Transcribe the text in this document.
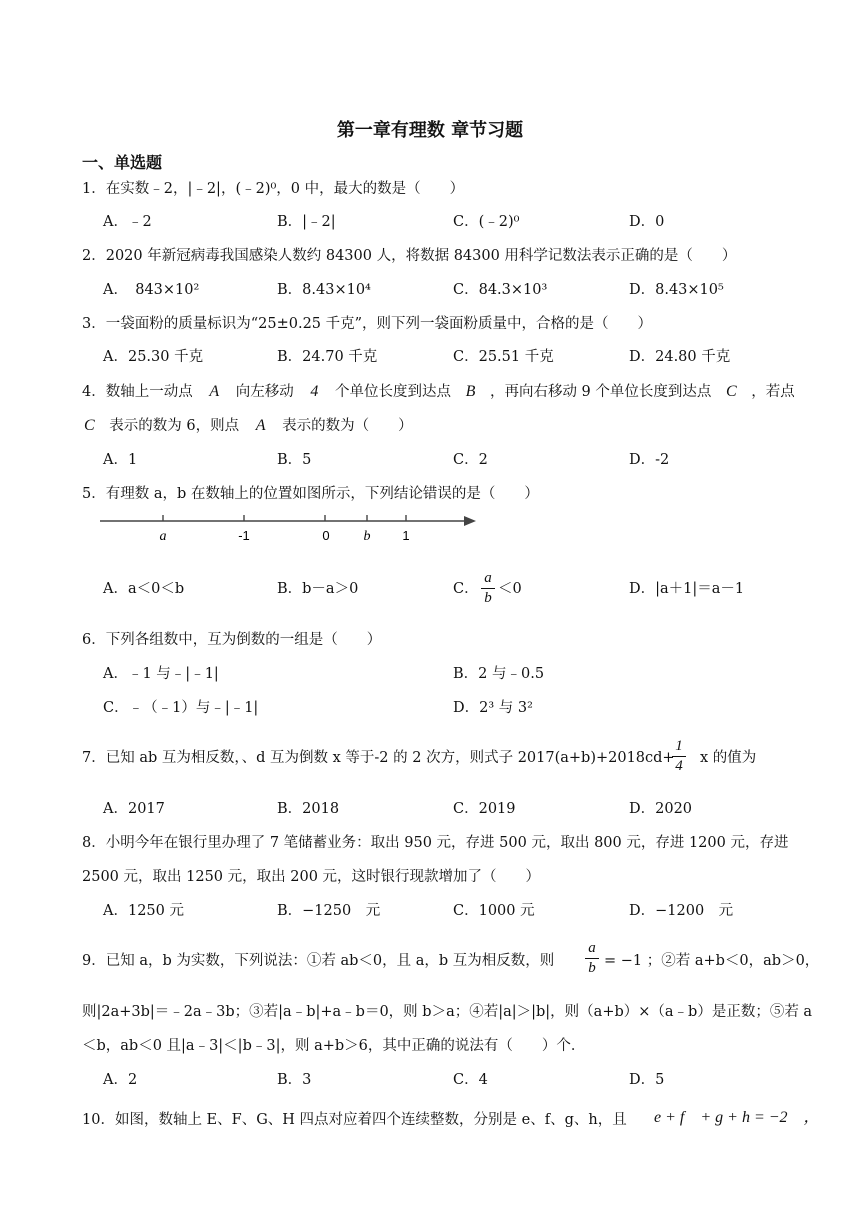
第一章有理数 章节习题
一、单选题
1．在实数﹣2，|﹣2|，(﹣2)⁰，0 中，最大的数是（　　）
A．﹣2	B．|﹣2|	C．(﹣2)⁰	D．0
2．2020 年新冠病毒我国感染人数约 84300 人，将数据 84300 用科学记数法表示正确的是（　　）
A．　843×10²	B．8.43×10⁴	C．84.3×10³	D．8.43×10⁵
3．一袋面粉的质量标识为“25±0.25 千克”，则下列一袋面粉质量中，合格的是（　　）
A．25.30 千克	B．24.70 千克	C．25.51 千克	D．24.80 千克
4．数轴上一动点 A 向左移动 4 个单位长度到达点 B ，再向右移动 9 个单位长度到达点 C ，若点
C 表示的数为 6，则点 A 表示的数为（　　）
A．1	B．5	C．2	D．-2
5．有理数 a，b 在数轴上的位置如图所示，下列结论错误的是（　　）
a	-1	0 b 1
A．a＜0＜b	B．b－a＞0	C．
a
b
＜0	D．|a＋1|＝a－1
6．下列各组数中，互为倒数的一组是（　　）
A．﹣1 与﹣|﹣1|	B．2 与﹣0.5
C．﹣（﹣1）与﹣|﹣1|	D．2³ 与 3²
7．已知 ab 互为相反数，、d 互为倒数 x 等于-2 的 2 次方，则式子 2017(a+b)+2018cd+
1
4 x 的值为
A．2017	B．2018	C．2019	D．2020
8．小明今年在银行里办理了 7 笔储蓄业务：取出 950 元，存进 500 元，取出 800 元，存进 1200 元，存进
2500 元，取出 1250 元，取出 200 元，这时银行现款增加了（　　）
A．1250 元	B．−1250　元	C．1000 元	D．−1200　元
9．已知 a，b 为实数，下列说法：①若 ab＜0，且 a，b 互为相反数，则
a
b = −1 ；②若 a+b＜0，ab＞0，
则|2a+3b|＝﹣2a﹣3b；③若|a﹣b|+a﹣b＝0，则 b＞a；④若|a|＞|b|，则（a+b）×（a﹣b）是正数；⑤若 a
＜b，ab＜0 且|a﹣3|＜|b﹣3|，则 a+b＞6，其中正确的说法有（　　）个．
A．2	B．3	C．4	D．5
10．如图，数轴上 E、F、G、H 四点对应着四个连续整数，分别是 e、f、g、h，且 e + f　+ g + h = −2　，
